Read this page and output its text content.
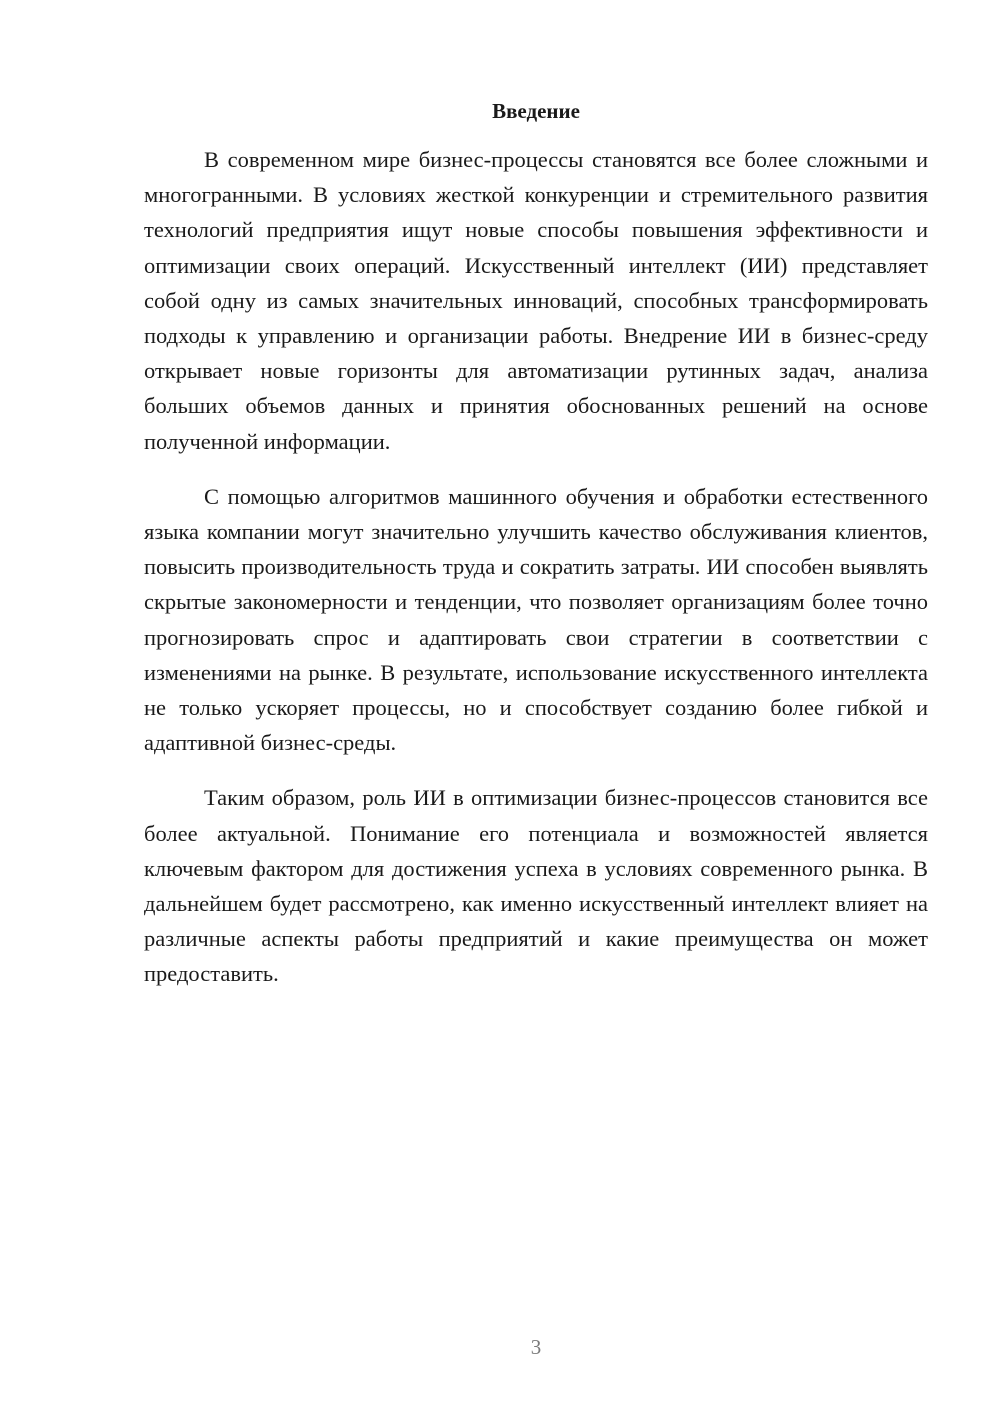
Введение

В современном мире бизнес-процессы становятся все более сложными и многогранными. В условиях жесткой конкуренции и стремительного развития технологий предприятия ищут новые способы повышения эффективности и оптимизации своих операций. Искусственный интеллект (ИИ) представляет собой одну из самых значительных инноваций, способных трансформировать подходы к управлению и организации работы. Внедрение ИИ в бизнес-среду открывает новые горизонты для автоматизации рутинных задач, анализа больших объемов данных и принятия обоснованных решений на основе полученной информации.

С помощью алгоритмов машинного обучения и обработки естественного языка компании могут значительно улучшить качество обслуживания клиентов, повысить производительность труда и сократить затраты. ИИ способен выявлять скрытые закономерности и тенденции, что позволяет организациям более точно прогнозировать спрос и адаптировать свои стратегии в соответствии с изменениями на рынке. В результате, использование искусственного интеллекта не только ускоряет процессы, но и способствует созданию более гибкой и адаптивной бизнес-среды.

Таким образом, роль ИИ в оптимизации бизнес-процессов становится все более актуальной. Понимание его потенциала и возможностей является ключевым фактором для достижения успеха в условиях современного рынка. В дальнейшем будет рассмотрено, как именно искусственный интеллект влияет на различные аспекты работы предприятий и какие преимущества он может предоставить.

3
